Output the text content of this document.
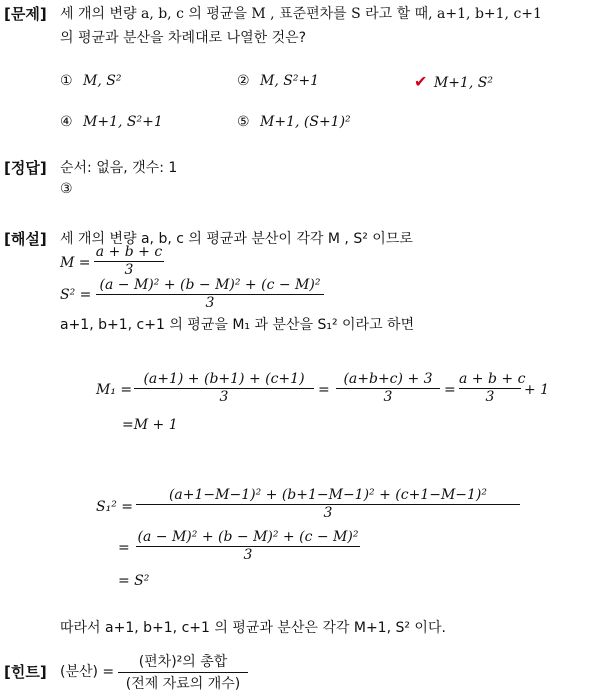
[문제] 세 개의 변량 a, b, c 의 평균을 M , 표준편차를 S 라고 할 때, a+1, b+1, c+1
의 평균과 분산을 차례대로 나열한 것은?
① M, S²	② M, S²+1	✔ M+1, S²
④ M+1, S²+1	⑤ M+1, (S+1)²
[정답] 순서: 없음, 갯수: 1
③
[해설] 세 개의 변량 a, b, c 의 평균과 분산이 각각 M , S² 이므로
$M = \frac{a + b + c}{3}$
$S^2 = \frac{\text{(a − M)² + (b − M)² + (c − M)²}}{3}$
a+1, b+1, c+1 의 평균을 M₁ 과 분산을 S₁² 이라고 하면
$M_1 = \frac{(a+1) + (b+1) + (c+1)}{3} = \frac{(a+b+c) + 3}{3} = \frac{a + b + c}{3} + 1$
=M + 1
$S_1^2 = \frac{\text{(a+1−M−1)² + (b+1−M−1)² + (c+1−M−1)²}}{3}$
= $\frac{\text{(a − M)² + (b − M)² + (c − M)²}}{3}$
= S²
따라서 a+1, b+1, c+1 의 평균과 분산은 각각 M+1, S² 이다.
[힌트] (분산) =
(편차)²의 총합
(전제 자료의 개수)
